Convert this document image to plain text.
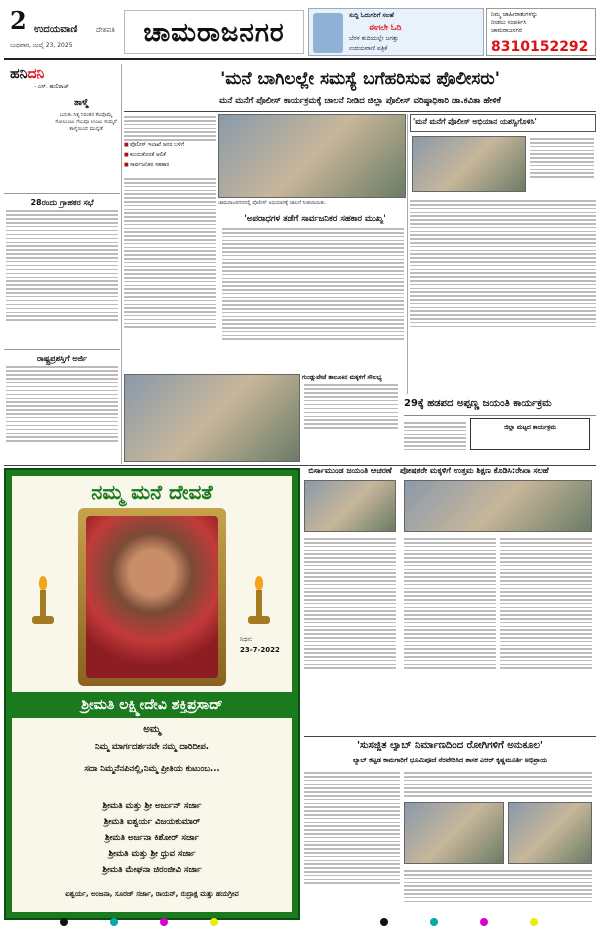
2 ಉದಯವಾಣಿ	ದೇಶಪತಿ
ಬುಧವಾರ, ಜುಲೈ 23, 2025	ಚಾಮರಾಜನಗರ
ಸುದ್ದಿ ಓದುಗರಿಗೆ ಸಲಹೆ
ಈಗಲೇ ಓದಿ
ಬೆರಳ ತುದಿಯಲ್ಲೇ ಜಗತ್ತು
ಉದಯವಾಣಿ ಪತ್ರಿಕೆ
ನಿಮ್ಮ ಜಾಹೀರಾತುಗಳನ್ನು
ನೀಡಲು ಸಂಪರ್ಕಿಸಿ
ಚಾಮರಾಜನಗರ
8310152292
ಹನಿದನಿ
- ಎಸ್. ಹುಲಿರಾಜ್
ತಾಳ್ಮೆ
ಬದುಕು ನಿತ್ಯ ನಿರಂತರ ಕೆಲವೊಮ್ಮೆ ಸೋಲುಂಟು ಗೆಲುವೂ ಉಂಟು ಸುಮ್ಮನೆ ತಾಳ್ಮೆಯಿಂದ ಮುನ್ನಡೆ
28ರಂದು ಗ್ರಾಹಕರ ಸಭೆ
ರಾಷ್ಟ್ರಪ್ರಶಸ್ತಿಗೆ ಅರ್ಜಿ
'ಮನೆ ಬಾಗಿಲಲ್ಲೇ ಸಮಸ್ಯೆ ಬಗೆಹರಿಸುವ ಪೊಲೀಸರು'
ಮನೆ ಮನೆಗೆ ಪೊಲೀಸ್ ಕಾರ್ಯಕ್ರಮಕ್ಕೆ ಚಾಲನೆ ನೀಡಿದ ಜಿಲ್ಲಾ ಪೊಲೀಸ್ ವರಿಷ್ಠಾಧಿಕಾರಿ ಡಾ.ಕವಿತಾ ಹೇಳಿಕೆ

■ ಪೊಲೀಸ್ ಇಲಾಖೆ ಜನರ ಬಳಿಗೆ

■ ಕುಂದುಕೊರತೆ ಆಲಿಕೆ

■ ಸಾರ್ವಜನಿಕರ ಸಹಕಾರ

ಚಾಮರಾಜನಗರದಲ್ಲಿ ಪೊಲೀಸ್ ಅಭಿಯಾನಕ್ಕೆ ಚಾಲನೆ ನೀಡಲಾಯಿತು.
'ಅಪರಾಧಗಳ ತಡೆಗೆ ಸಾರ್ವಜನಿಕರ ಸಹಕಾರ ಮುಖ್ಯ'
'ಮನೆ ಮನೆಗೆ ಪೊಲೀಸ್ ಅಭಿಯಾನ ಯಶಸ್ವಿಗೊಳಿಸಿ'
ಗುಂಡ್ಲುಪೇಟೆ ತಾಲೂಕಿನ ಮಕ್ಕಳಿಗೆ ಸೌಲಭ್ಯ
29ಕ್ಕೆ ಹಡಪದ ಅಪ್ಪಣ್ಣ ಜಯಂತಿ ಕಾರ್ಯಕ್ರಮ
ಜಿಲ್ಲಾ ಮಟ್ಟದ ಕಾರ್ಯಕ್ರಮ
ನಮ್ಮ ಮನೆ ದೇವತೆ
ನಿಧನ:
23-7-2022
ಶ್ರೀಮತಿ ಲಕ್ಷ್ಮೀದೇವಿ ಶಕ್ತಿಪ್ರಸಾದ್
ಅಮ್ಮ
ನಿಮ್ಮ ಮಾರ್ಗದರ್ಶನವೇ ನಮ್ಮ ದಾರಿದೀಪ.
ಸದಾ ನಿಮ್ಮನೆನಪಿನಲ್ಲಿ,ನಿಮ್ಮ ಪ್ರೀತಿಯ ಕುಟುಂಬ...
ಶ್ರೀಮತಿ ಮತ್ತು ಶ್ರೀ ಅರ್ಜುನ್ ಸರ್ಜಾ
ಶ್ರೀಮತಿ ಐಶ್ವರ್ಯ ವಿಜಯಕುಮಾರ್
ಶ್ರೀಮತಿ ಅರ್ಜನಾ ಕಿಶೋರ್ ಸರ್ಜಾ
ಶ್ರೀಮತಿ ಮತ್ತು ಶ್ರೀ ಧ್ರುವ ಸರ್ಜಾ
ಶ್ರೀಮತಿ ಮೇಘನಾ ಚಿರಂಜೀವಿ ಸರ್ಜಾ
ಐಶ್ವರ್ಯ, ಅಂಜನಾ, ಸೂರಜ್ ಸರ್ಜಾ, ರಾಯನ್, ರುದ್ರಾಕ್ಷ ಮತ್ತು ಹಯಗ್ರೀವ
ಬಿರ್ಸಾಮುಂಡ ಜಯಂತಿ ಆಚರಣೆ	ಪೋಷಕರೇ ಮಕ್ಕಳಿಗೆ ಉತ್ತಮ ಶಿಕ್ಷಣ ಕೊಡಿಸಿ:ರೇಖಾ ಸಲಹೆ
'ಸುಸಜ್ಜಿತ ಲ್ಯಾಬ್ ನಿರ್ಮಾಣದಿಂದ ರೋಗಿಗಳಿಗೆ ಅನುಕೂಲ'
ಲ್ಯಾಬ್ ಕಟ್ಟಡ ಕಾಮಗಾರಿಗೆ ಭೂಮಿಪೂಜೆ ನೆರವೇರಿಸಿದ ಶಾಸಕ ಎಆರ್ ಕೃಷ್ಣಮೂರ್ತಿ ಅಭಿಪ್ರಾಯ
